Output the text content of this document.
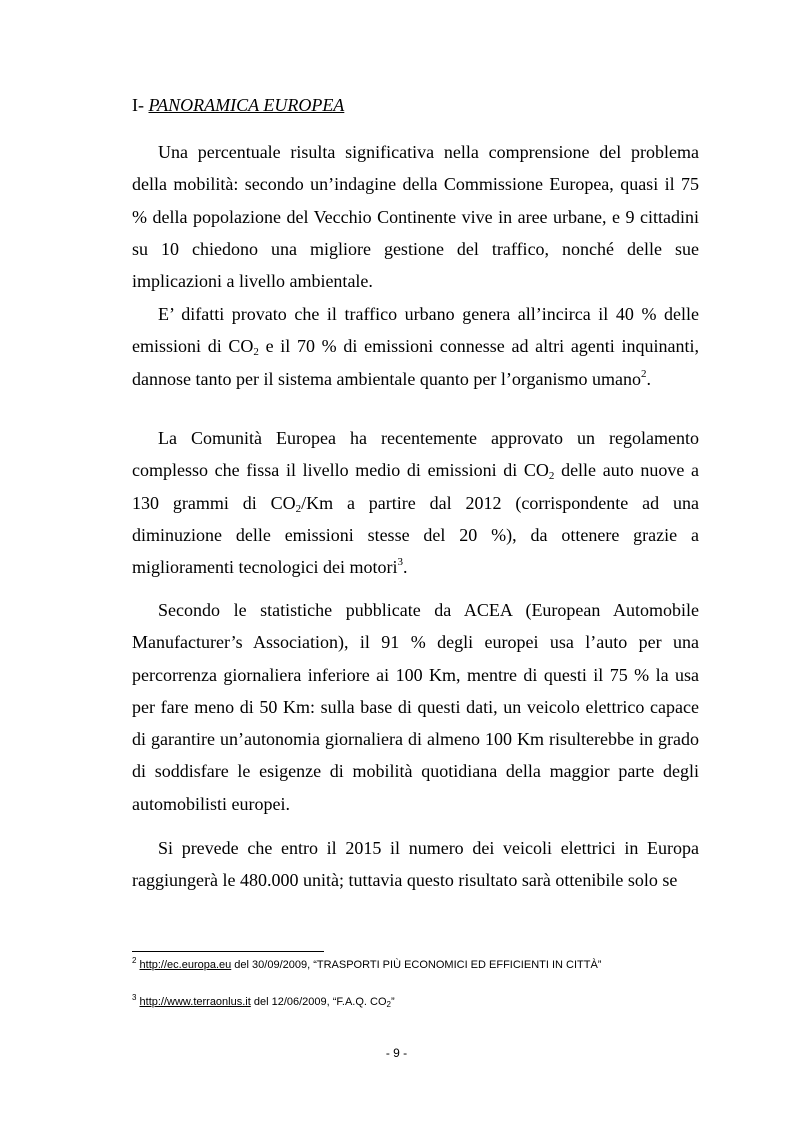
I- PANORAMICA EUROPEA

Una percentuale risulta significativa nella comprensione del problema della mobilità: secondo un’indagine della Commissione Europea, quasi il 75 % della popolazione del Vecchio Continente vive in aree urbane, e 9 cittadini su 10 chiedono una migliore gestione del traffico, nonché delle sue implicazioni a livello ambientale.

E’ difatti provato che il traffico urbano genera all’incirca il 40 % delle emissioni di $CO_2$ e il 70 % di emissioni connesse ad altri agenti inquinanti, dannose tanto per il sistema ambientale quanto per l’organismo umano$^2$.

La Comunità Europea ha recentemente approvato un regolamento complesso che fissa il livello medio di emissioni di $CO_2$ delle auto nuove a 130 grammi di $CO_2/Km$ a partire dal 2012 (corrispondente ad una diminuzione delle emissioni stesse del 20 %), da ottenere grazie a miglioramenti tecnologici dei motori$^3$.

Secondo le statistiche pubblicate da ACEA (European Automobile Manufacturer’s Association), il 91 % degli europei usa l’auto per una percorrenza giornaliera inferiore ai 100 Km, mentre di questi il 75 % la usa per fare meno di 50 Km: sulla base di questi dati, un veicolo elettrico capace di garantire un’autonomia giornaliera di almeno 100 Km risulterebbe in grado di soddisfare le esigenze di mobilità quotidiana della maggior parte degli automobilisti europei.

Si prevede che entro il 2015 il numero dei veicoli elettrici in Europa raggiungerà le 480.000 unità; tuttavia questo risultato sarà ottenibile solo se

$^2$ http://ec.europa.eu del 30/09/2009, “TRASPORTI PIÙ ECONOMICI ED EFFICIENTI IN CITTÀ”
$^3$ http://www.terraonlus.it del 12/06/2009, “F.A.Q. $CO_2$”
- 9 -
